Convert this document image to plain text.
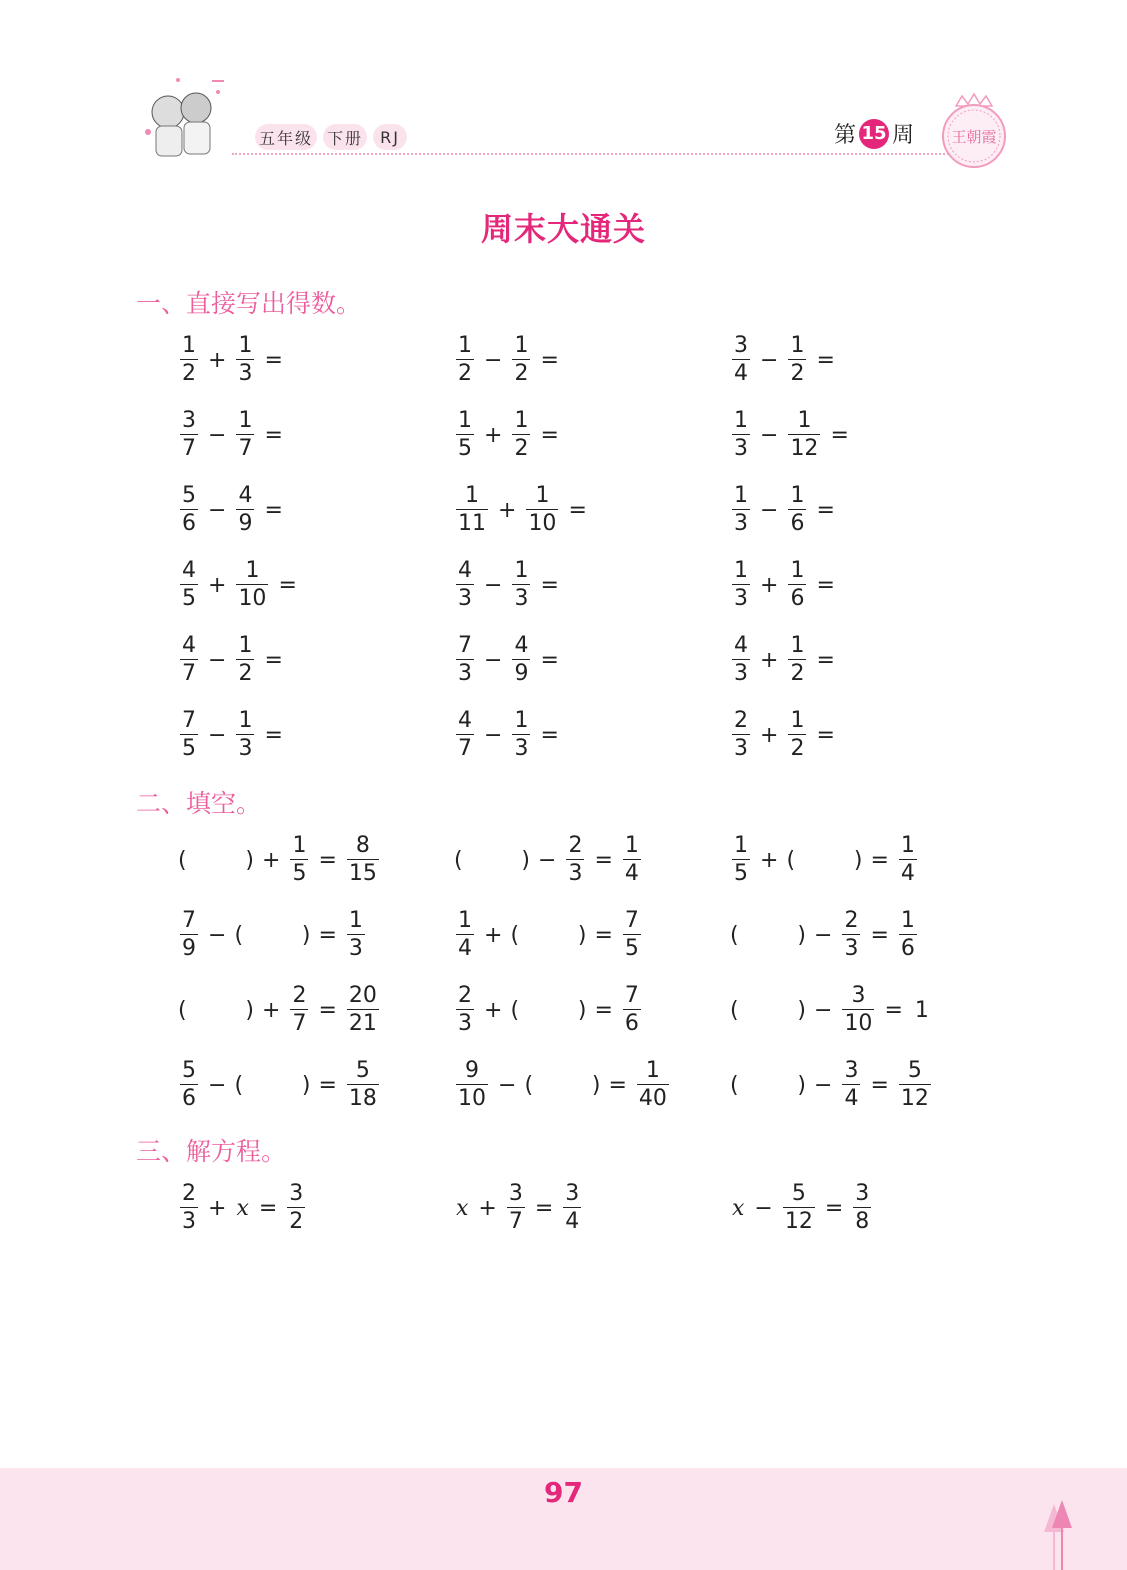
五年级 下册	RJ	第 15 周 王朝霞
周末大通关
一、直接写出得数。
$\frac{1}{2} + \frac{1}{3}$ =	$\frac{1}{2} - \frac{1}{2}$ =	$\frac{3}{4} - \frac{1}{2}$ =
$\frac{3}{7} - \frac{1}{7}$ =	$\frac{1}{5} + \frac{1}{2}$ =	$\frac{1}{3} - \frac{1}{12}$ =
$\frac{5}{6} - \frac{4}{9}$ =	$\frac{1}{11} + \frac{1}{10}$ =	$\frac{1}{3} - \frac{1}{6}$ =
$\frac{4}{5} + \frac{1}{10}$ =	$\frac{4}{3} - \frac{1}{3}$ =	$\frac{1}{3} + \frac{1}{6}$ =
$\frac{4}{7} - \frac{1}{2}$ =	$\frac{7}{3} - \frac{4}{9}$ =	$\frac{4}{3} + \frac{1}{2}$ =
$\frac{7}{5} - \frac{1}{3}$ =	$\frac{4}{7} - \frac{1}{3}$ =	$\frac{2}{3} + \frac{1}{2}$ =
二、填空。
(	) + $\frac{1}{5} = \frac{8}{15}$	(	) − $\frac{2}{3} = \frac{1}{4}$	$\frac{1}{5}$ + (	) = $\frac{1}{4}$
$\frac{7}{9}$ − (	) = $\frac{1}{3}$	$\frac{1}{4}$ + (	) = $\frac{7}{5}$	(	) − $\frac{2}{3} = \frac{1}{6}$
(	) + $\frac{2}{7} = \frac{20}{21}$	$\frac{2}{3}$ + (	) = $\frac{7}{6}$	(	) − $\frac{3}{10} = 1$
$\frac{5}{6}$ − (	) = $\frac{5}{18}$	$\frac{9}{10}$ − (	) = $\frac{1}{40}$	(	) − $\frac{3}{4} = \frac{5}{12}$
三、解方程。
$\frac{2}{3} + x = \frac{3}{2}$	$x + \frac{3}{7} = \frac{3}{4}$	$x - \frac{5}{12} = \frac{3}{8}$
97
